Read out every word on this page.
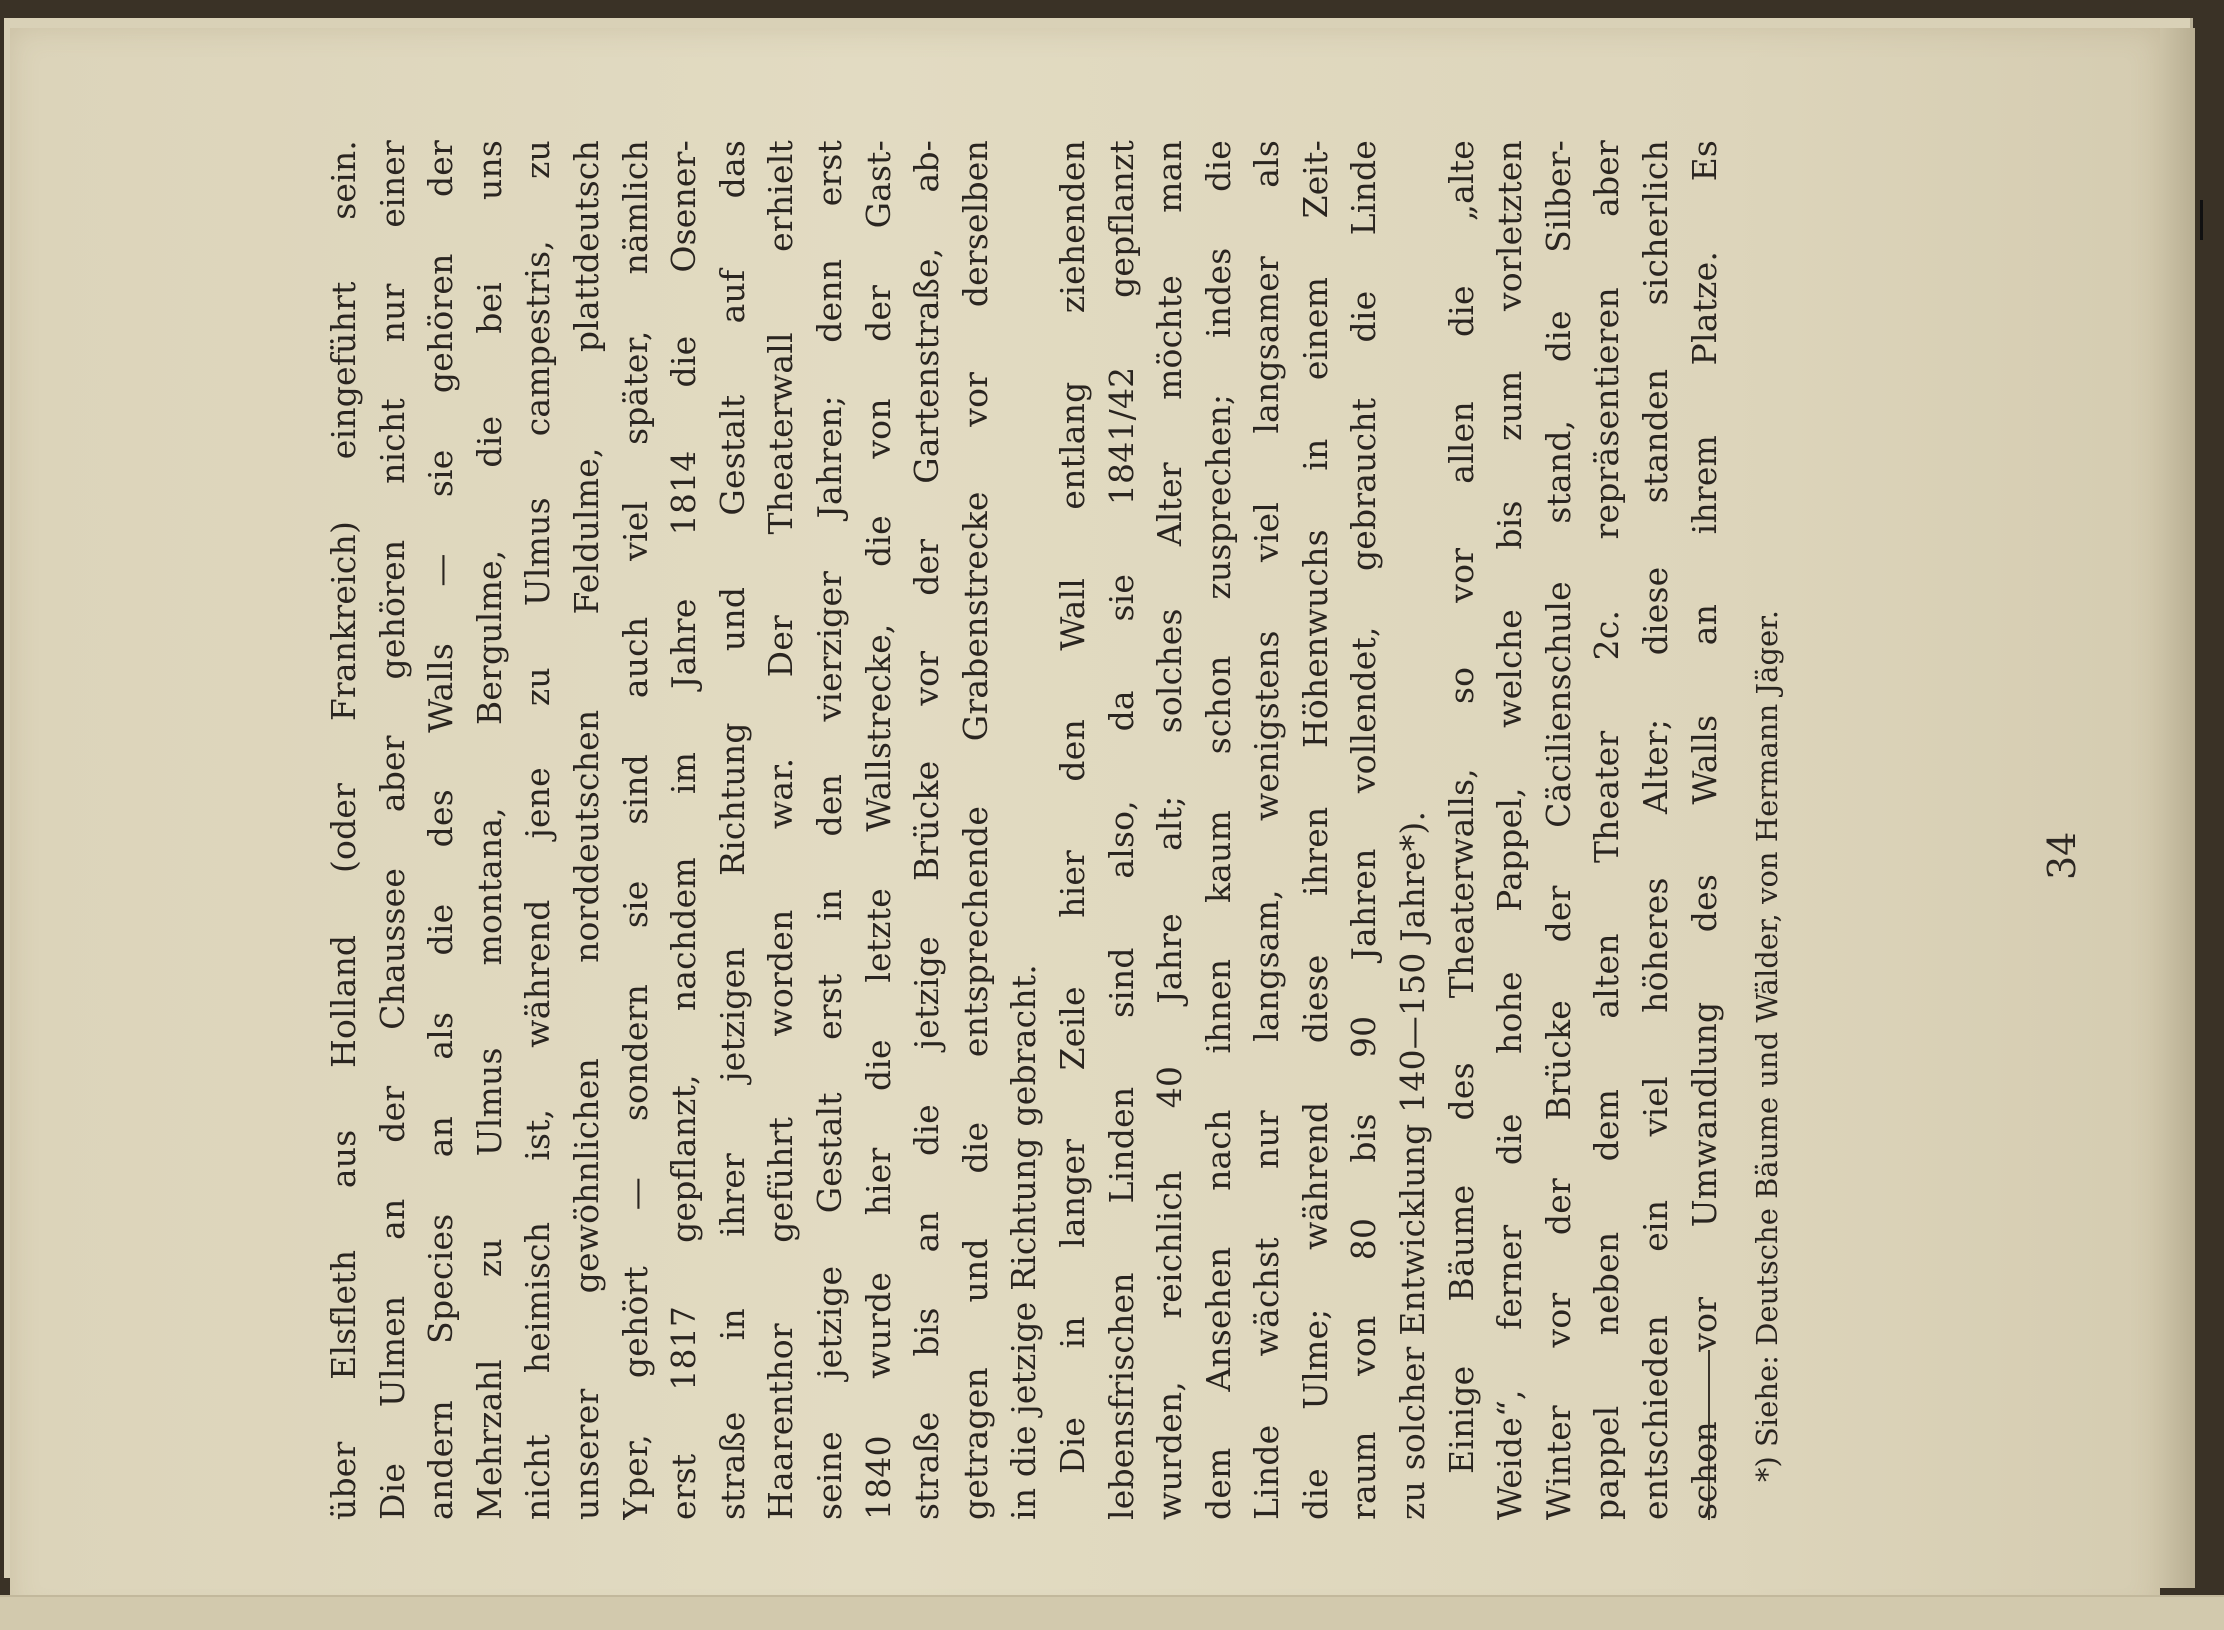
34
über Elsfleth aus Holland (oder Frankreich) eingeführt sein. Die Ulmen an der Chaussee aber gehören nicht nur einer andern Species an als die des Walls — sie gehören der Mehrzahl zu Ulmus montana, Bergulme, die bei uns nicht heimisch ist, während jene zu Ulmus campestris, zu unserer gewöhnlichen norddeutschen Feldulme, plattdeutsch Yper, gehört — sondern sie sind auch viel später, nämlich erst 1817 gepflanzt, nachdem im Jahre 1814 die Osener- straße in ihrer jetzigen Richtung und Gestalt auf das Haarenthor geführt worden war. Der Theaterwall erhielt seine jetzige Gestalt erst in den vierziger Jahren; denn erst 1840 wurde hier die letzte Wallstrecke, die von der Gast- straße bis an die jetzige Brücke vor der Gartenstraße, ab- getragen und die entsprechende Grabenstrecke vor derselben in die jetzige Richtung gebracht. Die in langer Zeile hier den Wall entlang ziehenden lebensfrischen Linden sind also, da sie 1841/42 gepflanzt wurden, reichlich 40 Jahre alt; solches Alter möchte man dem Ansehen nach ihnen kaum schon zusprechen; indes die Linde wächst nur langsam, wenigstens viel langsamer als die Ulme; während diese ihren Höhenwuchs in einem Zeit- raum von 80 bis 90 Jahren vollendet, gebraucht die Linde zu solcher Entwicklung 140—150 Jahre*). Einige Bäume des Theaterwalls, so vor allen die „alte Weide“, ferner die hohe Pappel, welche bis zum vorletzten Winter vor der Brücke der Cäcilienschule stand, die Silber- pappel neben dem alten Theater 2c. repräsentieren aber entschieden ein viel höheres Alter; diese standen sicherlich schon vor Umwandlung des Walls an ihrem Platze. Es *) Siehe: Deutsche Bäume und Wälder, von Hermann Jäger.
